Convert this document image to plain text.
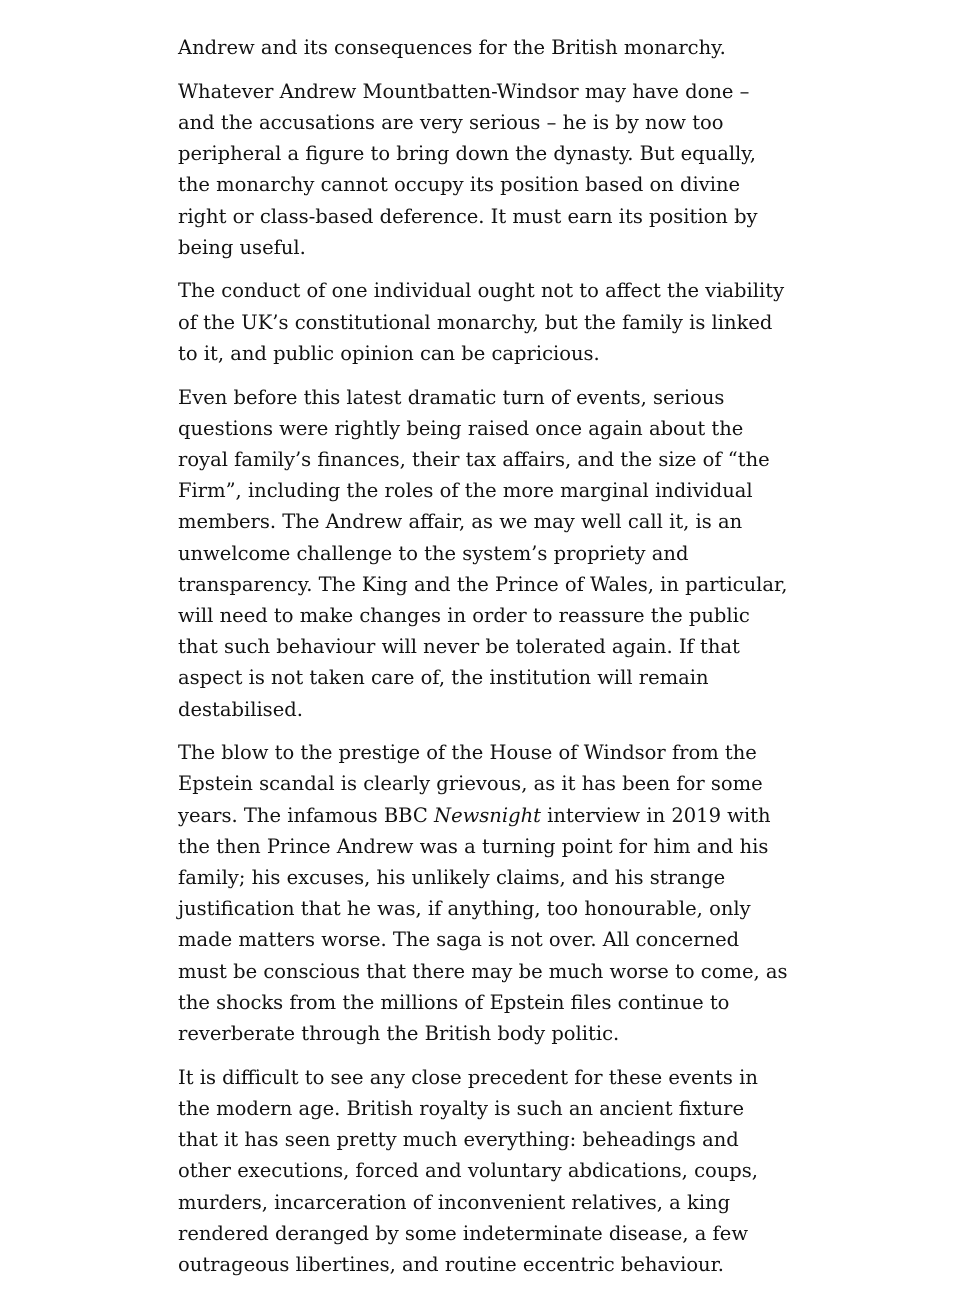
Andrew and its consequences for the British monarchy.

Whatever Andrew Mountbatten-Windsor may have done – and the accusations are very serious – he is by now too peripheral a figure to bring down the dynasty. But equally, the monarchy cannot occupy its position based on divine right or class-based deference. It must earn its position by being useful.

The conduct of one individual ought not to affect the viability of the UK’s constitutional monarchy, but the family is linked to it, and public opinion can be capricious.

Even before this latest dramatic turn of events, serious questions were rightly being raised once again about the royal family’s finances, their tax affairs, and the size of “the Firm”, including the roles of the more marginal individual members. The Andrew affair, as we may well call it, is an unwelcome challenge to the system’s propriety and transparency. The King and the Prince of Wales, in particular, will need to make changes in order to reassure the public that such behaviour will never be tolerated again. If that aspect is not taken care of, the institution will remain destabilised.

The blow to the prestige of the House of Windsor from the Epstein scandal is clearly grievous, as it has been for some years. The infamous BBC Newsnight interview in 2019 with the then Prince Andrew was a turning point for him and his family; his excuses, his unlikely claims, and his strange justification that he was, if anything, too honourable, only made matters worse. The saga is not over. All concerned must be conscious that there may be much worse to come, as the shocks from the millions of Epstein files continue to reverberate through the British body politic.

It is difficult to see any close precedent for these events in the modern age. British royalty is such an ancient fixture that it has seen pretty much everything: beheadings and other executions, forced and voluntary abdications, coups, murders, incarceration of inconvenient relatives, a king rendered deranged by some indeterminate disease, a few outrageous libertines, and routine eccentric behaviour.
